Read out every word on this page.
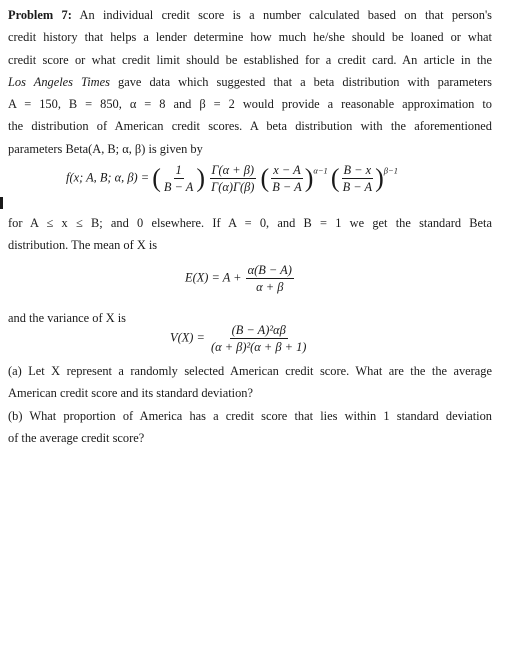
Problem 7: An individual credit score is a number calculated based on that person's
credit history that helps a lender determine how much he/she should be loaned or what
credit score or what credit limit should be established for a credit card. An article in the
Los Angeles Times gave data which suggested that a beta distribution with parameters
A = 150, B = 850, α = 8 and β = 2 would provide a reasonable approximation to
the distribution of American credit scores. A beta distribution with the aforementioned
parameters Beta(A, B; α, β) is given by
f(x; A, B; α, β) = ( $\frac{1}{B - A}$ ) $\frac{\Gamma(\alpha + \beta)}{\Gamma(\alpha)\Gamma(\beta)}$ ( $\frac{x - A}{B - A} )^{\alpha-1}$ ( $\frac{B - x}{B - A} )^{\beta-1}$
for A ≤ x ≤ B; and 0 elsewhere. If A = 0, and B = 1 we get the standard Beta
distribution. The mean of X is
$E(X) = A + \frac{\alpha(B - A)}{\alpha + \beta}$
and the variance of X is
$V(X) = \frac{\text{(B − A)²αβ}}{\text{(α + β)²(α + β + 1)}}$
(a) Let X represent a randomly selected American credit score. What are the the average
American credit score and its standard deviation?
(b) What proportion of America has a credit score that lies within 1 standard deviation
of the average credit score?
